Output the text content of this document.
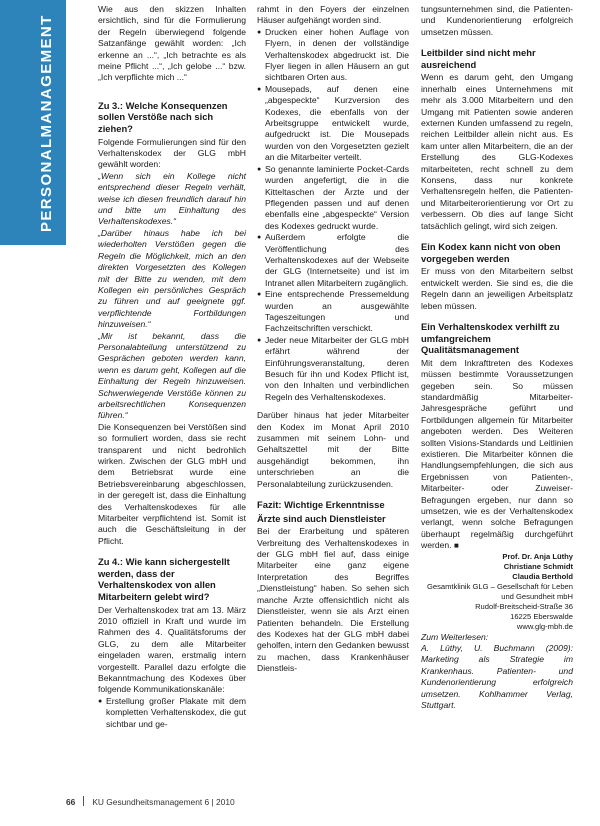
PERSONALMANAGEMENT

Wie aus den skizzen Inhalten ersichtlich, sind für die Formulierung der Regeln überwiegend folgende Satzanfänge gewählt worden: „Ich erkenne an ...“, „Ich betrachte es als meine Pflicht ...“, „Ich gelobe ...“ bzw. „Ich verpflichte mich ...“

Zu 3.: Welche Konsequenzen sollen Verstöße nach sich ziehen?

Folgende Formulierungen sind für den Verhaltenskodex der GLG mbH gewählt worden:

„Wenn sich ein Kollege nicht entsprechend dieser Regeln verhält, weise ich diesen freundlich darauf hin und bitte um Einhaltung des Verhaltenskodexes.“

„Darüber hinaus habe ich bei wiederholten Verstößen gegen die Regeln die Möglichkeit, mich an den direkten Vorgesetzten des Kollegen mit der Bitte zu wenden, mit dem Kollegen ein persönliches Gespräch zu führen und auf geeignete ggf. verpflichtende Fortbildungen hinzuweisen.“

„Mir ist bekannt, dass die Personalabteilung unterstützend zu Gesprächen geboten werden kann, wenn es darum geht, Kollegen auf die Einhaltung der Regeln hinzuweisen. Schwerwiegende Verstöße können zu arbeitsrechtlichen Konsequenzen führen.“

Die Konsequenzen bei Verstößen sind so formuliert worden, dass sie recht transparent und nicht bedrohlich wirken. Zwischen der GLG mbH und dem Betriebsrat wurde eine Betriebsvereinbarung abgeschlossen, in der geregelt ist, dass die Einhaltung des Verhaltenskodexes für alle Mitarbeiter verpflichtend ist. Somit ist auch die Geschäftsleitung in der Pflicht.

Zu 4.: Wie kann sichergestellt werden, dass der Verhaltenskodex von allen Mitarbeitern gelebt wird?

Der Verhaltenskodex trat am 13. März 2010 offiziell in Kraft und wurde im Rahmen des 4. Qualitätsforums der GLG, zu dem alle Mitarbeiter eingeladen waren, erstmalig intern vorgestellt. Parallel dazu erfolgte die Bekanntmachung des Kodexes über folgende Kommunikationskanäle:

● Erstellung großer Plakate mit dem kompletten Verhaltenskodex, die gut sichtbar und ge-

rahmt in den Foyers der einzelnen Häuser aufgehängt worden sind.

● Drucken einer hohen Auflage von Flyern, in denen der vollständige Verhaltenskodex abgedruckt ist. Die Flyer liegen in allen Häusern an gut sichtbaren Orten aus.
● Mousepads, auf denen eine „abgespeckte“ Kurzversion des Kodexes, die ebenfalls von der Arbeitsgruppe entwickelt wurde, aufgedruckt ist. Die Mousepads wurden von den Vorgesetzten gezielt an die Mitarbeiter verteilt.
● So genannte laminierte Pocket-Cards wurden angefertigt, die in die Kitteltaschen der Ärzte und der Pflegenden passen und auf denen ebenfalls eine „abgespeckte“ Version des Kodexes gedruckt wurde.
● Außerdem erfolgte die Veröffentlichung des Verhaltenskodexes auf der Webseite der GLG (Internetseite) und ist im Intranet allen Mitarbeitern zugänglich.
● Eine entsprechende Pressemeldung wurden an ausgewählte Tageszeitungen und Fachzeitschriften verschickt.
● Jeder neue Mitarbeiter der GLG mbH erfährt während der Einführungsveranstaltung, deren Besuch für ihn und Kodex Pflicht ist, von den Inhalten und verbindlichen Regeln des Verhaltenskodexes.

Darüber hinaus hat jeder Mitarbeiter den Kodex im Monat April 2010 zusammen mit seinem Lohn- und Gehaltszettel mit der Bitte ausgehändigt bekommen, ihn unterschrieben an die Personalabteilung zurückzusenden.

Fazit: Wichtige Erkenntnisse
Ärzte sind auch Dienstleister

Bei der Erarbeitung und späteren Verbreitung des Verhaltenskodexes in der GLG mbH fiel auf, dass einige Mitarbeiter eine ganz eigene Interpretation des Begriffes „Dienstleistung“ haben. So sehen sich manche Ärzte offensichtlich nicht als Dienstleister, wenn sie als Arzt einen Patienten behandeln. Die Erstellung des Kodexes hat der GLG mbH dabei geholfen, intern den Gedanken bewusst zu machen, dass Krankenhäuser Dienstleis-

tungsunternehmen sind, die Patienten- und Kundenorientierung erfolgreich umsetzen müssen.

Leitbilder sind nicht mehr ausreichend

Wenn es darum geht, den Umgang innerhalb eines Unternehmens mit mehr als 3.000 Mitarbeitern und den Umgang mit Patienten sowie anderen externen Kunden umfassend zu regeln, reichen Leitbilder allein nicht aus. Es kam unter allen Mitarbeitern, die an der Erstellung des GLG-Kodexes mitarbeiteten, recht schnell zu dem Konsens, dass nur konkrete Verhaltensregeln helfen, die Patienten- und Mitarbeiterorientierung vor Ort zu verbessern. Ob dies auf lange Sicht tatsächlich gelingt, wird sich zeigen.

Ein Kodex kann nicht von oben vorgegeben werden

Er muss von den Mitarbeitern selbst entwickelt werden. Sie sind es, die die Regeln dann an jeweiligen Arbeitsplatz leben müssen.

Ein Verhaltenskodex verhilft zu umfangreichem Qualitätsmanagement

Mit dem Inkrafttreten des Kodexes müssen bestimmte Voraussetzungen gegeben sein. So müssen standardmäßig Mitarbeiter-Jahresgespräche geführt und Fortbildungen allgemein für Mitarbeiter angeboten werden. Des Weiteren sollten Visions-Standards und Leitlinien existieren. Die Mitarbeiter können die Handlungsempfehlungen, die sich aus Ergebnissen von Patienten-, Mitarbeiter- oder Zuweiser-Befragungen ergeben, nur dann so umsetzen, wie es der Verhaltenskodex verlangt, wenn solche Befragungen überhaupt regelmäßig durchgeführt werden. ■

Prof. Dr. Anja Lüthy
Christiane Schmidt
Claudia Berthold
Gesamtklinik GLG – Gesellschaft für Leben
und Gesundheit mbH
Rudolf-Breitscheid-Straße 36
16225 Eberswalde
www.glg-mbh.de

Zum Weiterlesen:

A. Lüthy, U. Buchmann (2009): Marketing als Strategie im Krankenhaus. Patienten- und Kundenorientierung erfolgreich umsetzen. Kohlhammer Verlag, Stuttgart.

66 KU Gesundheitsmanagement 6 | 2010
